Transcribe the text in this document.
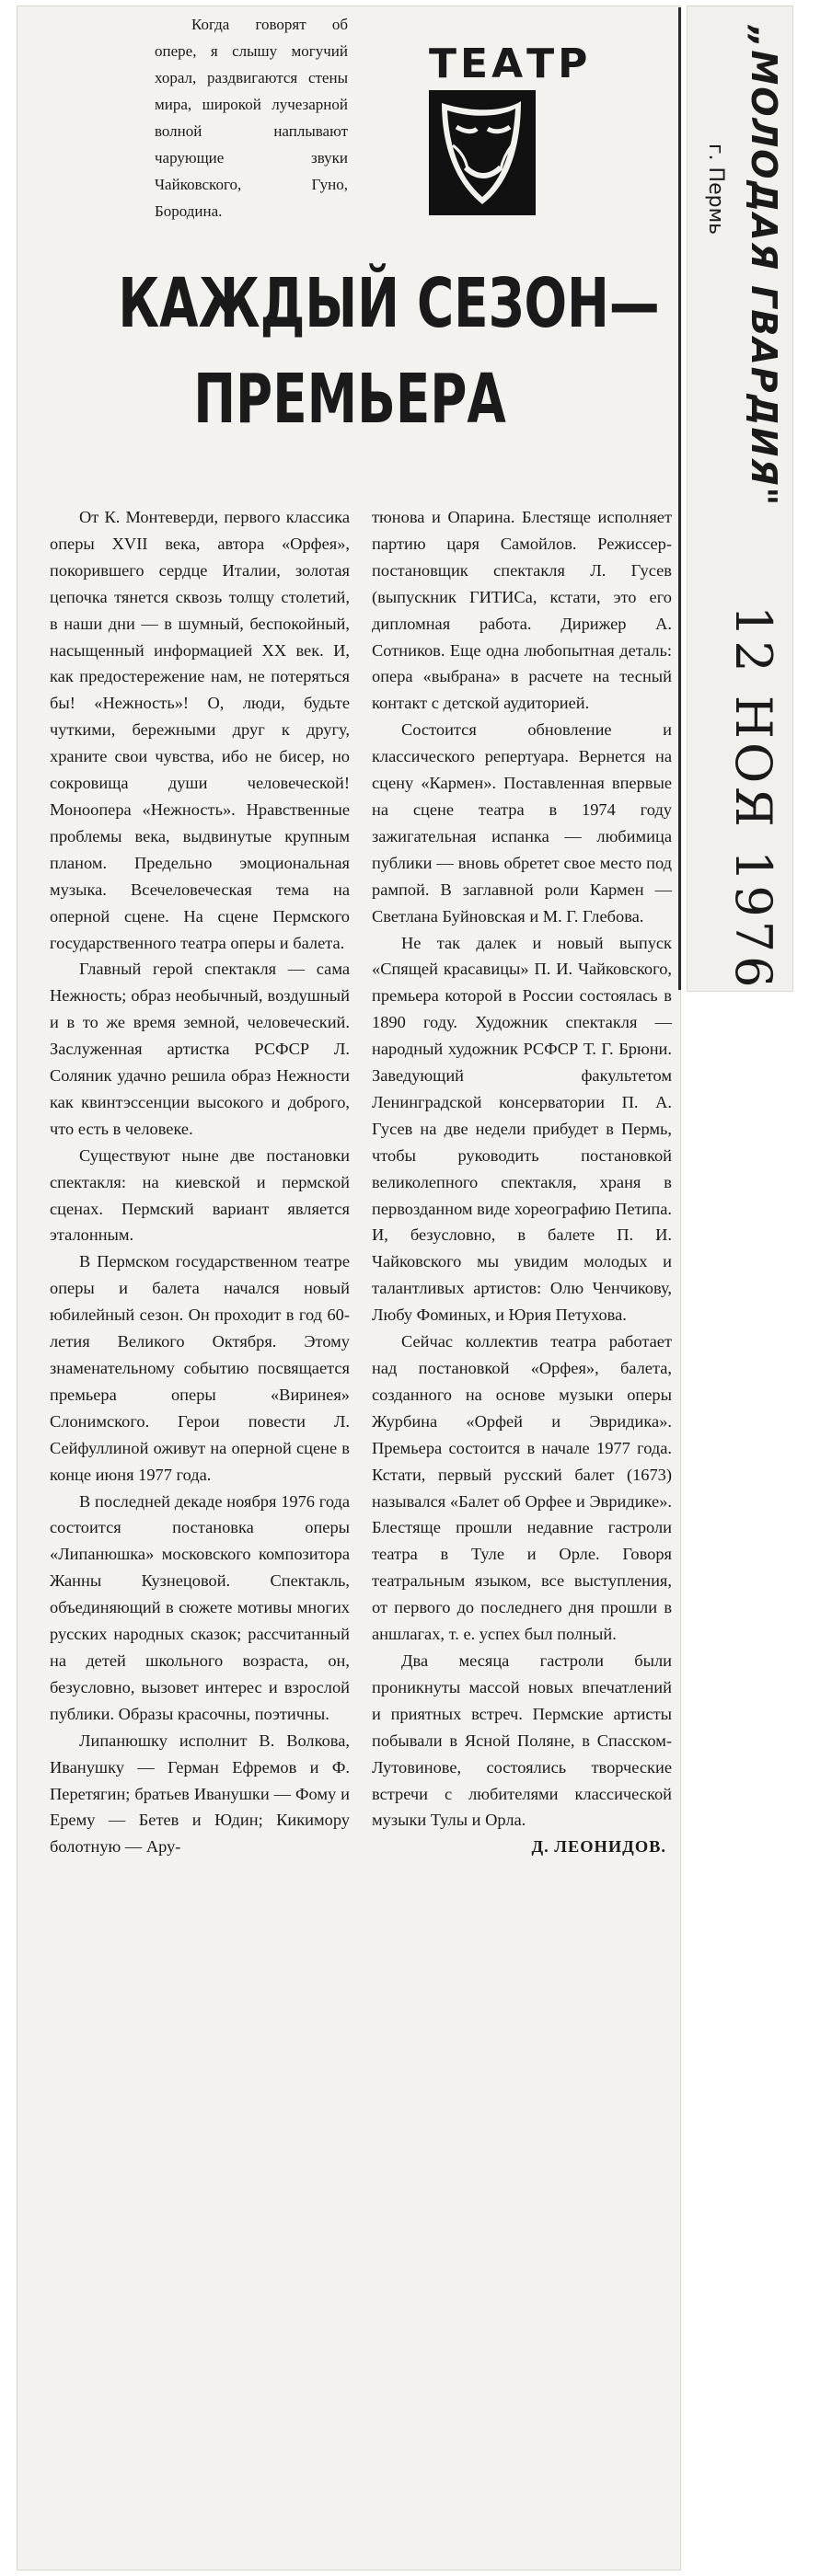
„МОЛОДАЯ ГВАРДИЯ"
г. Пермь
12 НОЯ 1976

Когда говорят об опере, я слышу могучий хорал, раздвигаются стены мира, широкой лучезарной волной наплывают чарующие звуки Чайковского, Гуно, Бородина.

ТЕАТР
КАЖДЫЙ СЕЗОН—
ПРЕМЬЕРА

От К. Монтеверди, первого классика оперы XVII века, автора «Орфея», покорившего сердце Италии, золотая цепочка тянется сквозь толщу столетий, в наши дни — в шумный, беспокойный, насыщенный информацией XX век. И, как предостережение нам, не потеряться бы! «Нежность»! О, люди, будьте чуткими, бережными друг к другу, храните свои чувства, ибо не бисер, но сокровища души человеческой! Моноопера «Нежность». Нравственные проблемы века, выдвинутые крупным планом. Предельно эмоциональная музыка. Всечеловеческая тема на оперной сцене. На сцене Пермского государственного театра оперы и балета.

Главный герой спектакля — сама Нежность; образ необычный, воздушный и в то же время земной, человеческий. Заслуженная артистка РСФСР Л. Соляник удачно решила образ Нежности как квинтэссенции высокого и доброго, что есть в человеке.

Существуют ныне две постановки спектакля: на киевской и пермской сценах. Пермский вариант является эталонным.

В Пермском государственном театре оперы и балета начался новый юбилейный сезон. Он проходит в год 60-летия Великого Октября. Этому знаменательному событию посвящается премьера оперы «Виринея» Слонимского. Герои повести Л. Сейфуллиной оживут на оперной сцене в конце июня 1977 года.

В последней декаде ноября 1976 года состоится постановка оперы «Липанюшка» московского композитора Жанны Кузнецовой. Спектакль, объединяющий в сюжете мотивы многих русских народных сказок; рассчитанный на детей школьного возраста, он, безусловно, вызовет интерес и взрослой публики. Образы красочны, поэтичны.

Липанюшку исполнит В. Волкова, Иванушку — Герман Ефремов и Ф. Перетягин; братьев Иванушки — Фому и Ерему — Бетев и Юдин; Кикимору болотную — Ару-

тюнова и Опарина. Блестяще исполняет партию царя Самойлов. Режиссер-постановщик спектакля Л. Гусев (выпускник ГИТИСа, кстати, это его дипломная работа. Дирижер А. Сотников. Еще одна любопытная деталь: опера «выбрана» в расчете на тесный контакт с детской аудиторией.

Состоится обновление и классического репертуара. Вернется на сцену «Кармен». Поставленная впервые на сцене театра в 1974 году зажигательная испанка — любимица публики — вновь обретет свое место под рампой. В заглавной роли Кармен — Светлана Буйновская и М. Г. Глебова.

Не так далек и новый выпуск «Спящей красавицы» П. И. Чайковского, премьера которой в России состоялась в 1890 году. Художник спектакля — народный художник РСФСР Т. Г. Брюни. Заведующий факультетом Ленинградской консерватории П. А. Гусев на две недели прибудет в Пермь, чтобы руководить постановкой великолепного спектакля, храня в первозданном виде хореографию Петипа. И, безусловно, в балете П. И. Чайковского мы увидим молодых и талантливых артистов: Олю Ченчикову, Любу Фоминых, и Юрия Петухова.

Сейчас коллектив театра работает над постановкой «Орфея», балета, созданного на основе музыки оперы Журбина «Орфей и Эвридика». Премьера состоится в начале 1977 года. Кстати, первый русский балет (1673) назывался «Балет об Орфее и Эвридике». Блестяще прошли недавние гастроли театра в Туле и Орле. Говоря театральным языком, все выступления, от первого до последнего дня прошли в аншлагах, т. е. успех был полный.

Два месяца гастроли были проникнуты массой новых впечатлений и приятных встреч. Пермские артисты побывали в Ясной Поляне, в Спасском-Лутовинове, состоялись творческие встречи с любителями классической музыки Тулы и Орла.

Д. ЛЕОНИДОВ.
